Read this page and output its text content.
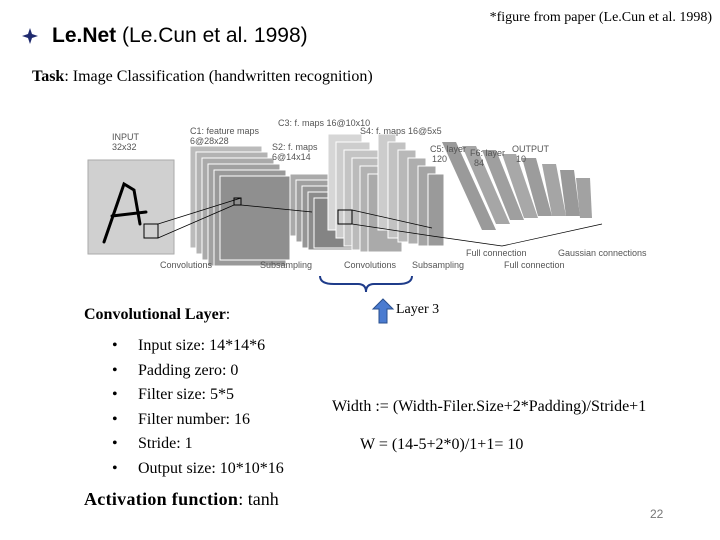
Le.Net (Le.Cun et al. 1998)
*figure from paper (Le.Cun et al. 1998)
Task: Image Classification (handwritten recognition)
INPUT
32x32
C1: feature maps
6@28x28
C3: f. maps 16@10x10
S2: f. maps
6@14x14
S4: f. maps 16@5x5
C5: layer
120
F6: layer
84
OUTPUT
10
Convolutions	Subsampling	Convolutions Subsampling
Full connection	Gaussian connections
Full connection
Layer 3
Convolutional Layer:
• Input size: 14*14*6
• Padding zero: 0
• Filter size: 5*5
• Filter number: 16
• Stride: 1
• Output size: 10*10*16
Width := (Width-Filer.Size+2*Padding)/Stride+1
W = (14-5+2*0)/1+1= 10
Activation function: tanh
22
